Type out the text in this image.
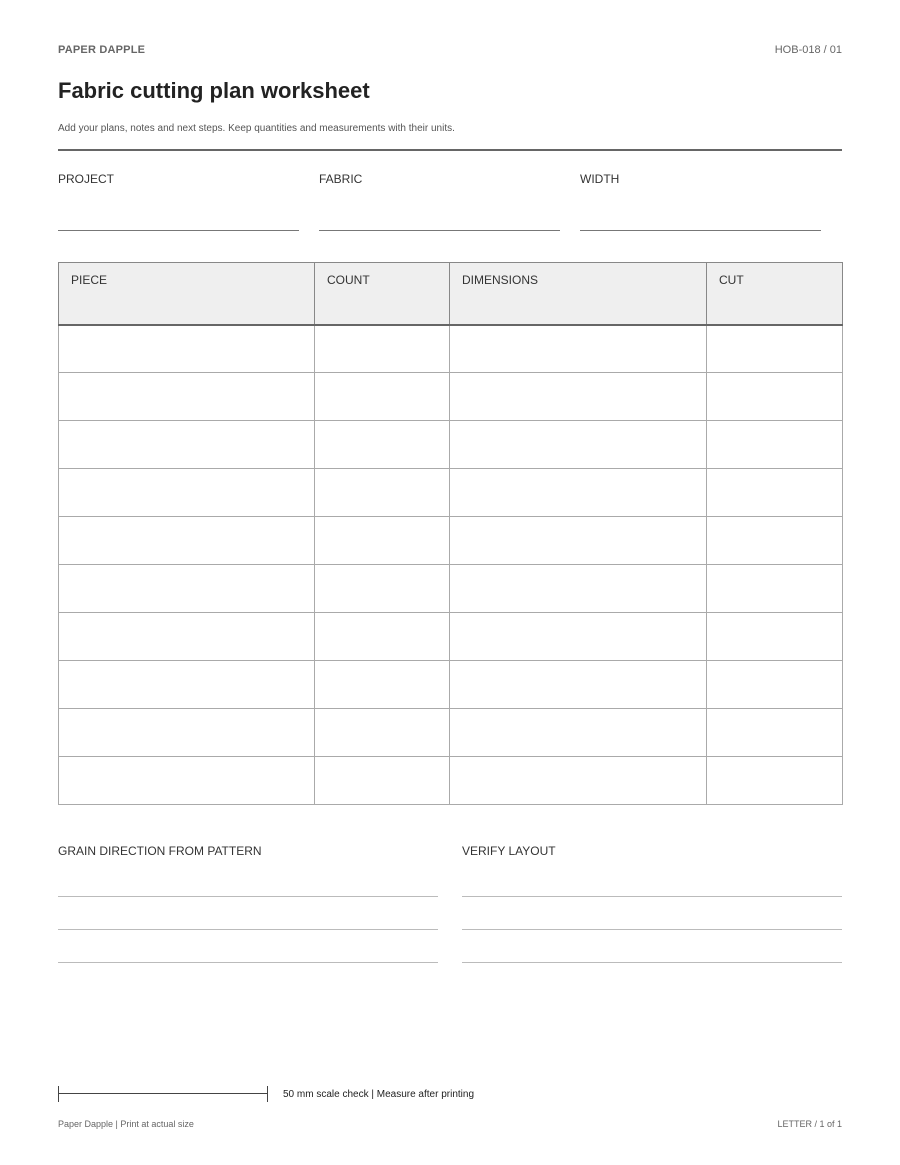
PAPER DAPPLE	HOB-018 / 01
Fabric cutting plan worksheet
Add your plans, notes and next steps. Keep quantities and measurements with their units.
PROJECT	FABRIC	WIDTH
PIECE	COUNT	DIMENSIONS	CUT

GRAIN DIRECTION FROM PATTERN	VERIFY LAYOUT
50 mm scale check | Measure after printing
Paper Dapple | Print at actual size	LETTER / 1 of 1
